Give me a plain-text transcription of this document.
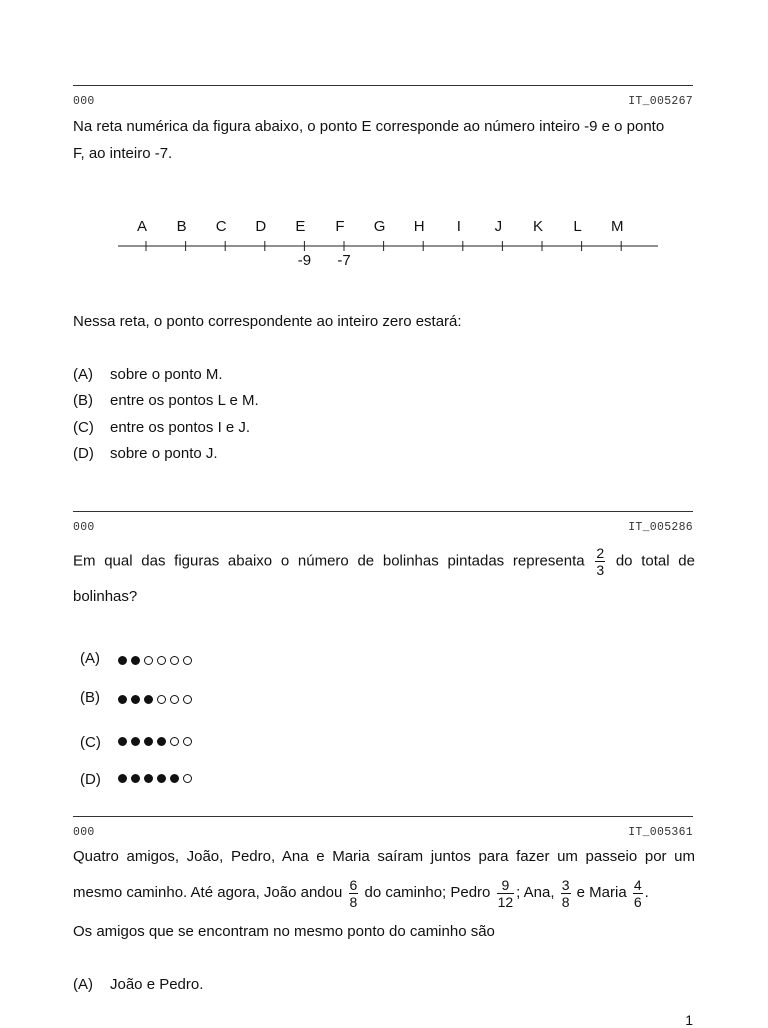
000	IT_005267
Na reta numérica da figura abaixo, o ponto E corresponde ao número inteiro -9 e o ponto
F, ao inteiro -7.
A B C D E F G H I J K L M
-9 -7
Nessa reta, o ponto correspondente ao inteiro zero estará:
(A) sobre o ponto M.
(B) entre os pontos L e M.
(C) entre os pontos I e J.
(D) sobre o ponto J.
000	IT_005286
Em qual das figuras abaixo o número de bolinhas pintadas representa $\frac{2}{3}$ do total de
bolinhas?
(A)
(B)
(C)
(D)
000	IT_005361
Quatro amigos, João, Pedro, Ana e Maria saíram juntos para fazer um passeio por um
mesmo caminho. Até agora, João andou $\frac{6}{8}$ do caminho; Pedro $\frac{9}{12}$ ; Ana, $\frac{3}{8}$ e Maria $\frac{4}{6}$ .
Os amigos que se encontram no mesmo ponto do caminho são
(A) João e Pedro.
1
